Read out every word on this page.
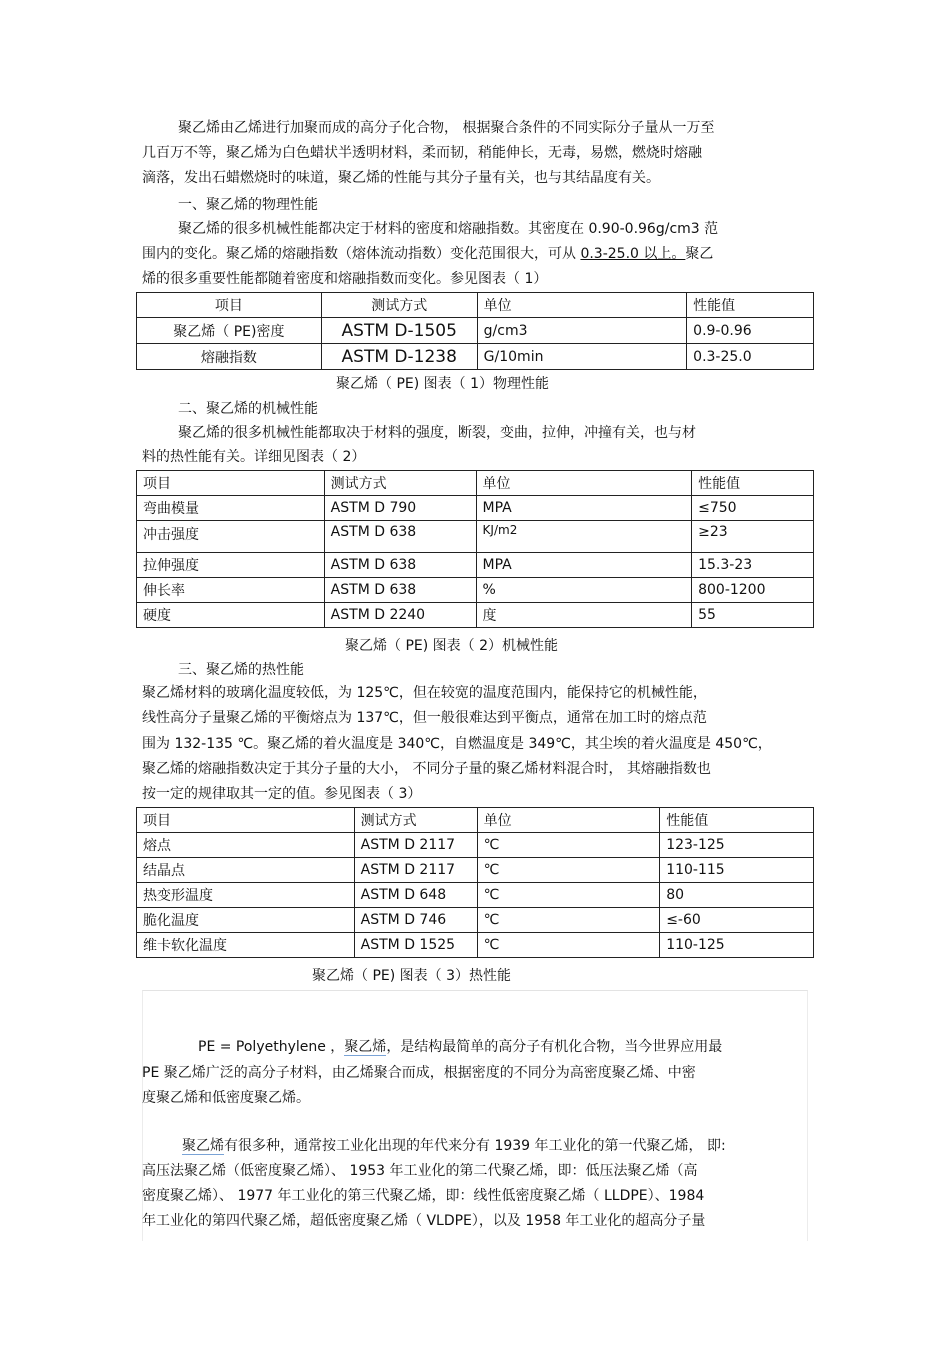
聚乙烯由乙烯进行加聚而成的高分子化合物， 根据聚合条件的不同实际分子量从一万至
几百万不等，聚乙烯为白色蜡状半透明材料，柔而韧，稍能伸长，无毒，易燃，燃烧时熔融
滴落，发出石蜡燃烧时的味道，聚乙烯的性能与其分子量有关，也与其结晶度有关。
一、聚乙烯的物理性能
聚乙烯的很多机械性能都决定于材料的密度和熔融指数。其密度在 0.90-0.96g/cm3 范
围内的变化。聚乙烯的熔融指数（熔体流动指数）变化范围很大，可从 0.3-25.0 以上。聚乙
烯的很多重要性能都随着密度和熔融指数而变化。参见图表（ 1）
项目	测试方式	单位	性能值
聚乙烯（ PE)密度	ASTM D-1505	g/cm3	0.9-0.96
熔融指数	ASTM D-1238	G/10min	0.3-25.0
聚乙烯（ PE) 图表（ 1）物理性能
二、聚乙烯的机械性能
聚乙烯的很多机械性能都取决于材料的强度，断裂，变曲，拉伸，冲撞有关，也与材
料的热性能有关。详细见图表（ 2）
项目	测试方式	单位	性能值
弯曲模量	ASTM D 790	MPA	≤750
冲击强度	ASTM D 638	KJ/m2	≥23
拉伸强度	ASTM D 638	MPA	15.3-23
伸长率	ASTM D 638	%	800-1200
硬度	ASTM D 2240	度	55
聚乙烯（ PE) 图表（ 2）机械性能
三、聚乙烯的热性能
聚乙烯材料的玻璃化温度较低，为 125℃，但在较宽的温度范围内，能保持它的机械性能，
线性高分子量聚乙烯的平衡熔点为 137℃，但一般很难达到平衡点，通常在加工时的熔点范
围为 132-135 ℃。聚乙烯的着火温度是 340℃，自燃温度是 349℃，其尘埃的着火温度是 450℃，
聚乙烯的熔融指数决定于其分子量的大小， 不同分子量的聚乙烯材料混合时， 其熔融指数也
按一定的规律取其一定的值。参见图表（ 3）
项目	测试方式	单位	性能值
熔点	ASTM D 2117	℃	123-125
结晶点	ASTM D 2117	℃	110-115
热变形温度	ASTM D 648	℃	80
脆化温度	ASTM D 746	℃	≤-60
维卡软化温度	ASTM D 1525	℃	110-125
聚乙烯（ PE) 图表（ 3）热性能
PE = Polyethylene ，聚乙烯，是结构最简单的高分子有机化合物，当今世界应用最
PE 聚乙烯广泛的高分子材料，由乙烯聚合而成，根据密度的不同分为高密度聚乙烯、中密
度聚乙烯和低密度聚乙烯。
聚乙烯有很多种，通常按工业化出现的年代来分有 1939 年工业化的第一代聚乙烯， 即:
高压法聚乙烯（低密度聚乙烯）、 1953 年工业化的第二代聚乙烯，即：低压法聚乙烯（高
密度聚乙烯）、 1977 年工业化的第三代聚乙烯，即：线性低密度聚乙烯（ LLDPE）、1984
年工业化的第四代聚乙烯，超低密度聚乙烯（ VLDPE），以及 1958 年工业化的超高分子量
